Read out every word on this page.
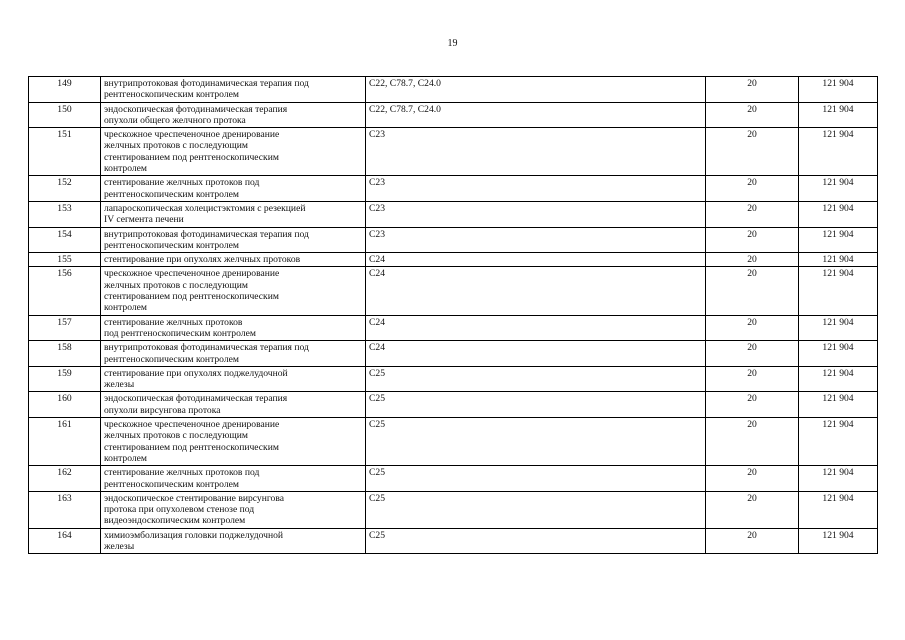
19
149	внутрипротоковая фотодинамическая терапия под
рентгеноскопическим контролем	C22, C78.7, C24.0	20	121 904
150	эндоскопическая фотодинамическая терапия
опухоли общего желчного протока	C22, C78.7, C24.0	20	121 904
151	чрескожное чреспеченочное дренирование
желчных протоков с последующим
стентированием под рентгеноскопическим
контролем	C23	20	121 904
152	стентирование желчных протоков под
рентгеноскопическим контролем	C23	20	121 904
153	лапароскопическая холецистэктомия с резекцией
IV сегмента печени	C23	20	121 904
154	внутрипротоковая фотодинамическая терапия под
рентгеноскопическим контролем	C23	20	121 904
155	стентирование при опухолях желчных протоков	C24	20	121 904
156	чрескожное чреспеченочное дренирование
желчных протоков с последующим
стентированием под рентгеноскопическим
контролем	C24	20	121 904
157	стентирование желчных протоков
под рентгеноскопическим контролем	C24	20	121 904
158	внутрипротоковая фотодинамическая терапия под
рентгеноскопическим контролем	C24	20	121 904
159	стентирование при опухолях поджелудочной
железы	C25	20	121 904
160	эндоскопическая фотодинамическая терапия
опухоли вирсунгова протока	C25	20	121 904
161	чрескожное чреспеченочное дренирование
желчных протоков с последующим
стентированием под рентгеноскопическим
контролем	C25	20	121 904
162	стентирование желчных протоков под
рентгеноскопическим контролем	C25	20	121 904
163	эндоскопическое стентирование вирсунгова
протока при опухолевом стенозе под
видеоэндоскопическим контролем	C25	20	121 904
164	химиоэмболизация головки поджелудочной
железы	C25	20	121 904
